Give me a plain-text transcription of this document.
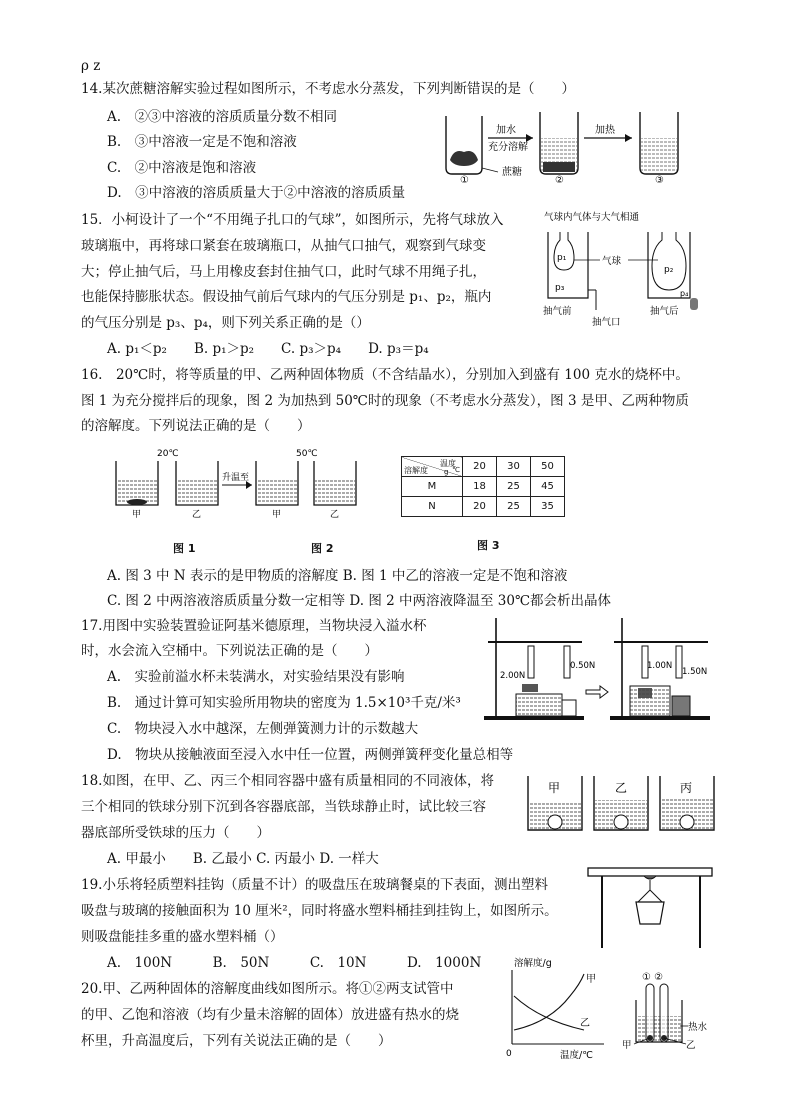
ρ z
14.某次蔗糖溶解实验过程如图所示，不考虑水分蒸发，下列判断错误的是（　　）
A.　②③中溶液的溶质质量分数不相同
B.　③中溶液一定是不饱和溶液
C.　②中溶液是饱和溶液
D.　③中溶液的溶质质量大于②中溶液的溶质质量
①
加水
充分溶解
蔗糖
②
加热
③
15．小柯设计了一个“不用绳子扎口的气球”，如图所示，先将气球放入
玻璃瓶中，再将球口紧套在玻璃瓶口，从抽气口抽气，观察到气球变
大；停止抽气后，马上用橡皮套封住抽气口，此时气球不用绳子扎，
也能保持膨胀状态。假设抽气前后气球内的气压分别是 p₁、p₂，瓶内
的气压分别是 p₃、p₄，则下列关系正确的是（）
A. p₁＜p₂　　B. p₁＞p₂　　C. p₃＞p₄　　D. p₃＝p₄
气球内气体与大气相通
p₁
p₃
抽气前
气球
抽气口
p₂
p₄
抽气后
16.　20℃时，将等质量的甲、乙两种固体物质（不含结晶水），分别加入到盛有 100 克水的烧杯中。
图 1 为充分搅拌后的现象，图 2 为加热到 50℃时的现象（不考虑水分蒸发），图 3 是甲、乙两种物质
的溶解度。下列说法正确的是（　　）
20℃	50℃
甲	乙
升温至
甲	乙
图 1	图 2	图 3
温度
℃
溶解度 g	20	30	50
M	18	25	45
N	20	25	35
A. 图 3 中 N 表示的是甲物质的溶解度 B. 图 1 中乙的溶液一定是不饱和溶液
C. 图 2 中两溶液溶质质量分数一定相等 D. 图 2 中两溶液降温至 30℃都会析出晶体
17.用图中实验装置验证阿基米德原理，当物块浸入溢水杯
时，水会流入空桶中。下列说法正确的是（　　）
A.　实验前溢水杯未装满水，对实验结果没有影响
B.　通过计算可知实验所用物块的密度为 1.5×10³千克/米³
C.　物块浸入水中越深，左侧弹簧测力计的示数越大
D.　物块从接触液面至浸入水中任一位置，两侧弹簧秤变化量总相等
2.00N
0.50N	1.00N
1.50N
18.如图，在甲、乙、丙三个相同容器中盛有质量相同的不同液体，将
三个相同的铁球分别下沉到各容器底部，当铁球静止时，试比较三容
器底部所受铁球的压力（　　）
A. 甲最小　　B. 乙最小 C. 丙最小 D. 一样大
甲	乙	丙
19.小乐将轻质塑料挂钩（质量不计）的吸盘压在玻璃餐桌的下表面，测出塑料
吸盘与玻璃的接触面积为 10 厘米²，同时将盛水塑料桶挂到挂钩上，如图所示。
则吸盘能挂多重的盛水塑料桶（）
A.　100N　　　B.　50N　　　C.　10N　　　D.　1000N
20.甲、乙两种固体的溶解度曲线如图所示。将①②两支试管中
的甲、乙饱和溶液（均有少量未溶解的固体）放进盛有热水的烧
杯里，升高温度后，下列有关说法正确的是（　　）
溶解度/g
甲
乙
0	温度/℃
① ②
热水
甲	乙
